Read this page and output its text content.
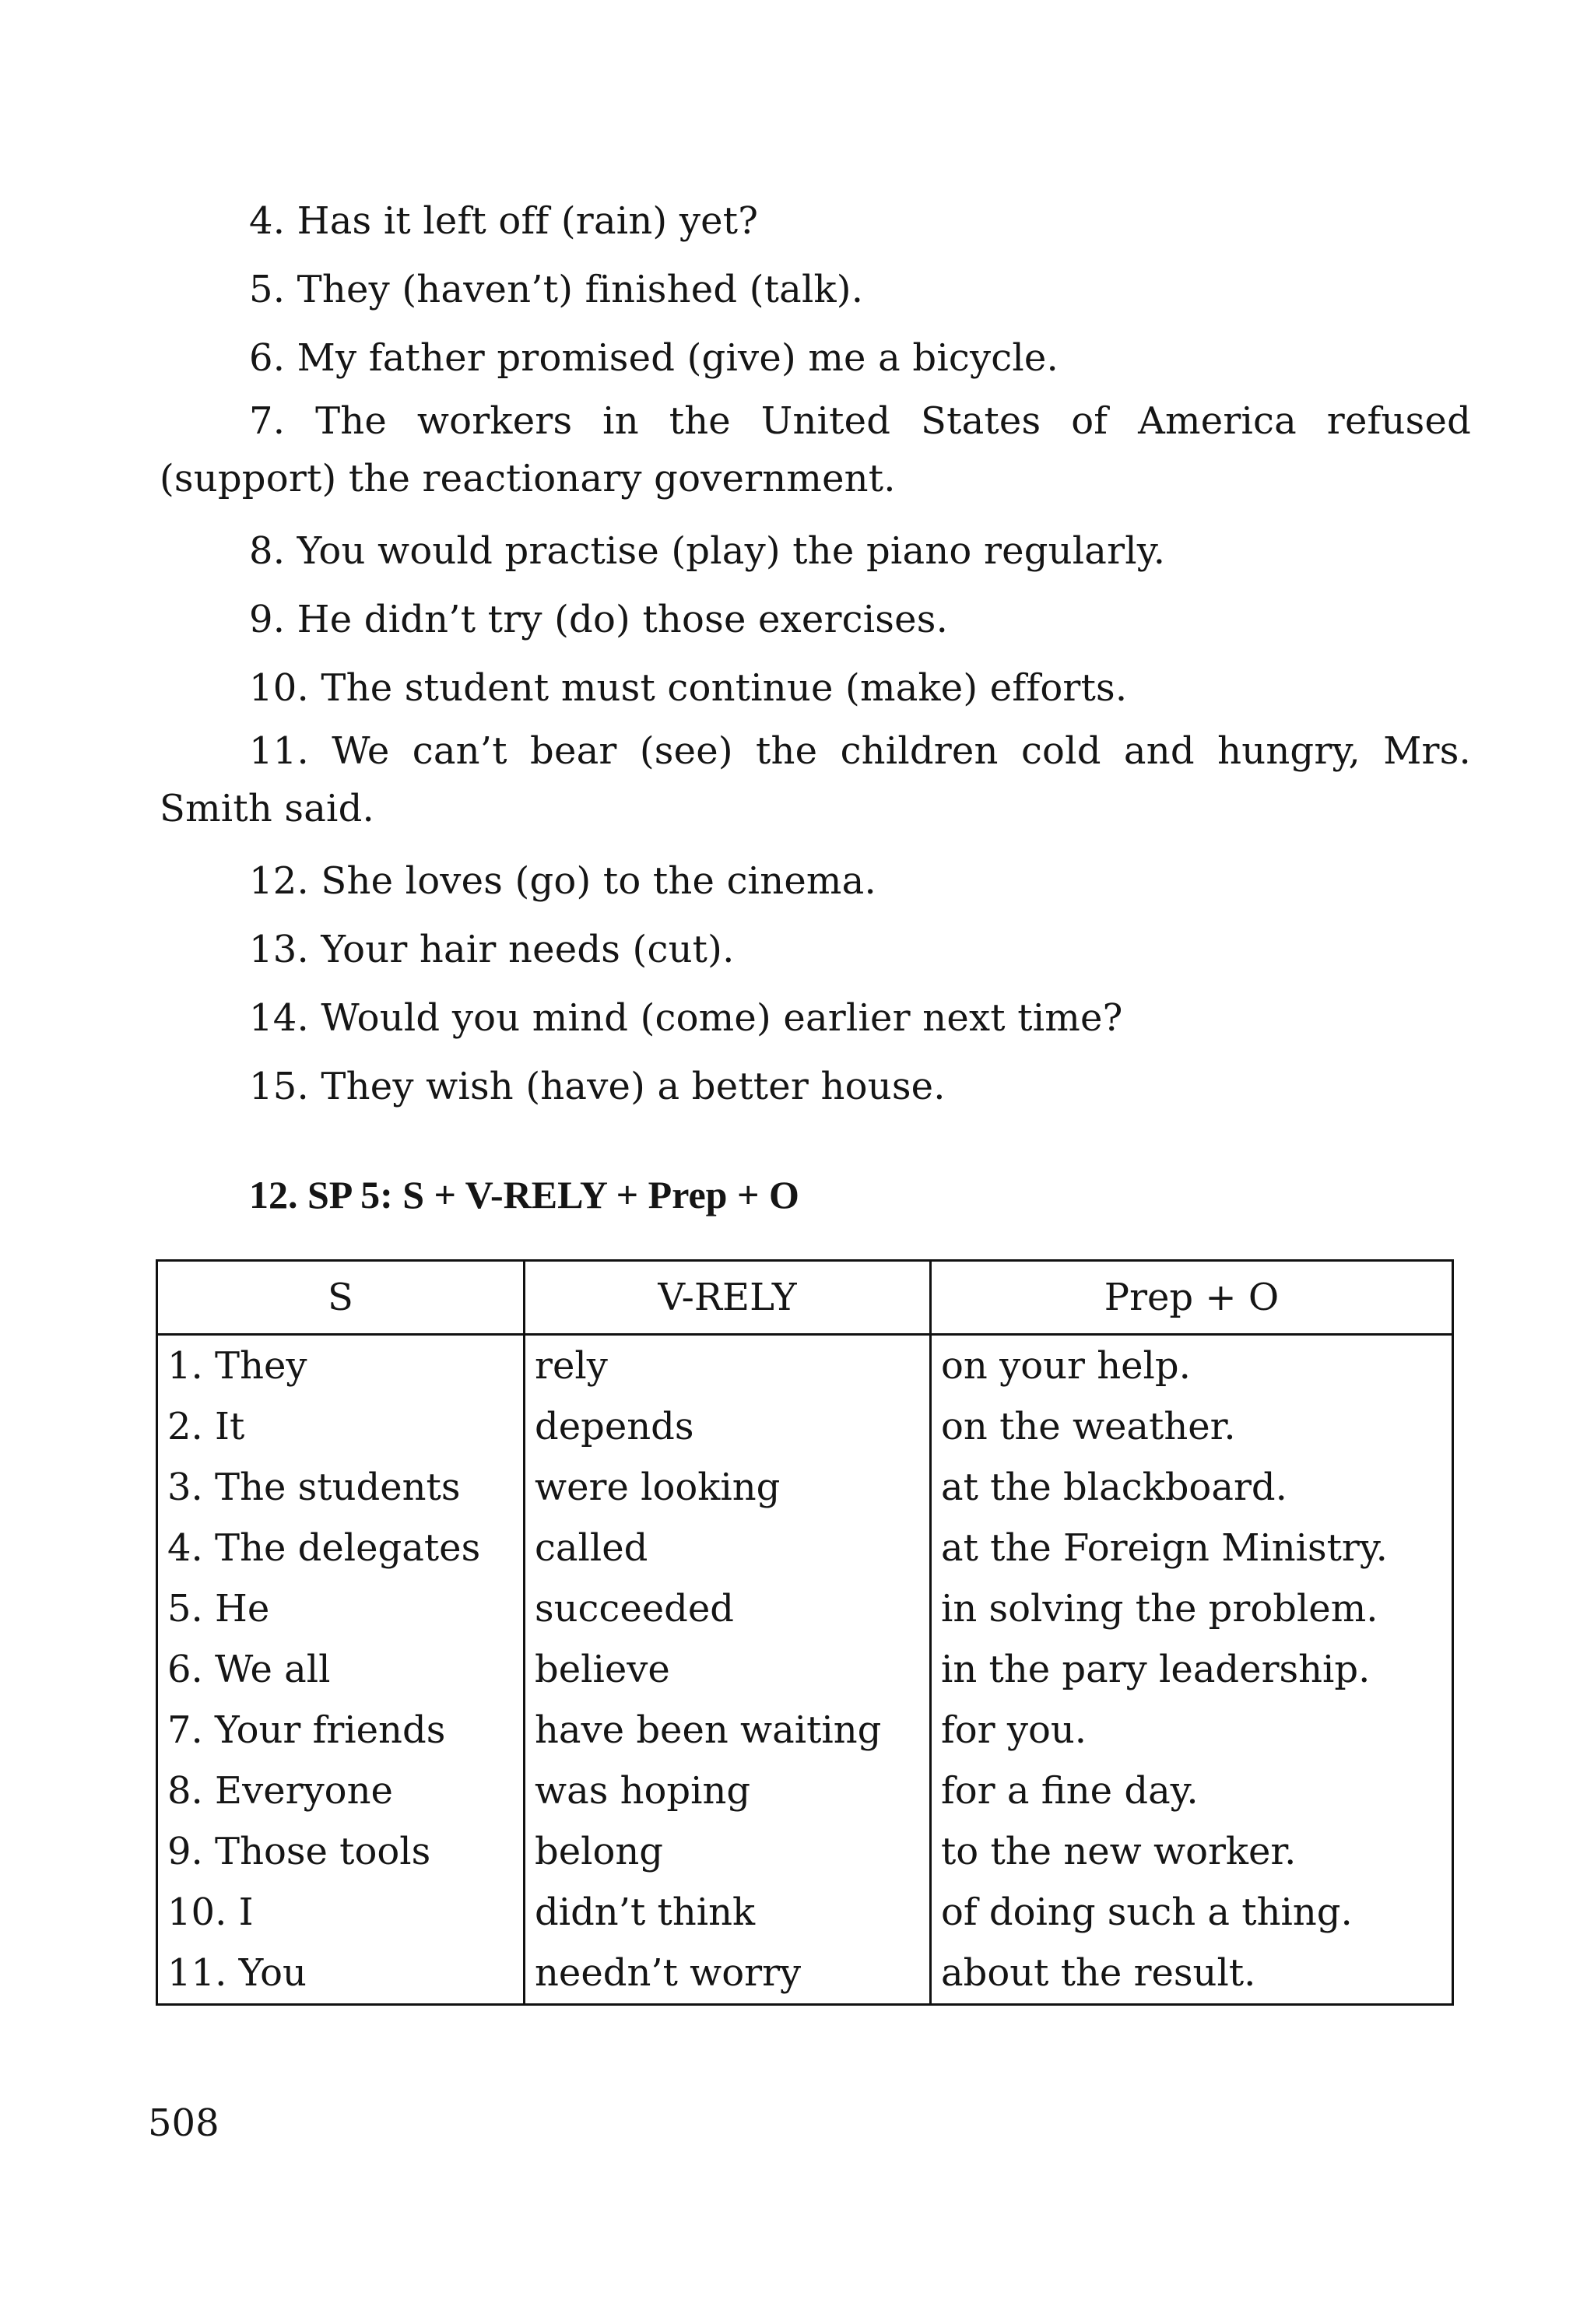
4. Has it left off (rain) yet?
5. They (haven’t) finished (talk).
6. My father promised (give) me a bicycle.
7. The workers in the United States of America refused (support) the reactionary government.
8. You would practise (play) the piano regularly.
9. He didn’t try (do) those exercises.
10. The student must continue (make) efforts.
11. We can’t bear (see) the children cold and hungry, Mrs. Smith said.
12. She loves (go) to the cinema.
13. Your hair needs (cut).
14. Would you mind (come) earlier next time?
15. They wish (have) a better house.
12. SP 5: S + V-RELY + Prep + O
S	V-RELY	Prep + O
1. They	rely	on your help.
2. It	depends	on the weather.
3. The students	were looking	at the blackboard.
4. The delegates	called	at the Foreign Ministry.
5. He	succeeded	in solving the problem.
6. We all	believe	in the pary leadership.
7. Your friends	have been waiting	for you.
8. Everyone	was hoping	for a fine day.
9. Those tools	belong	to the new worker.
10. I	didn’t think	of doing such a thing.
11. You	needn’t worry	about the result.
508
